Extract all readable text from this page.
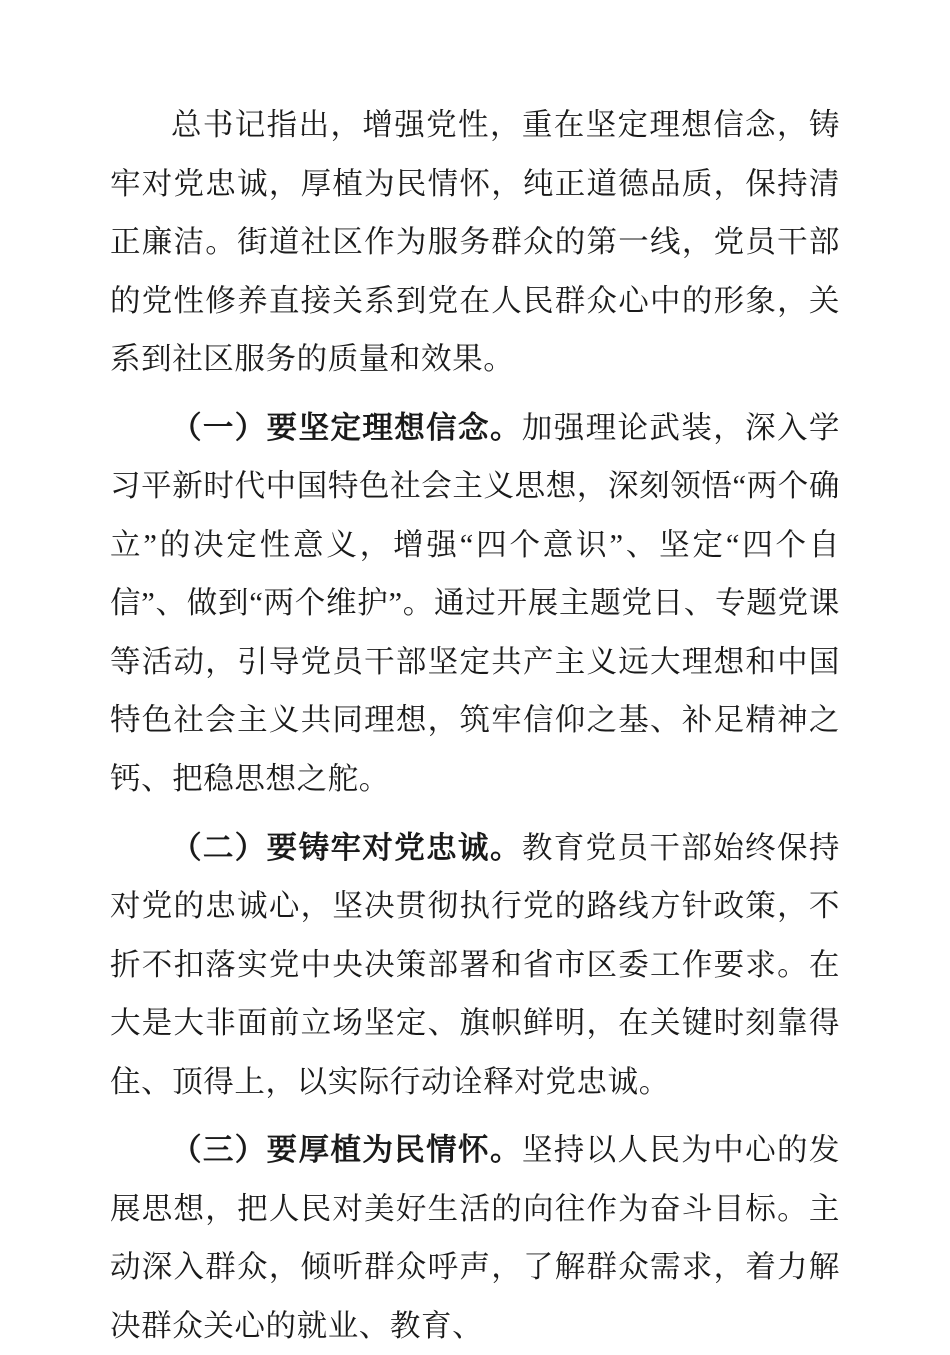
总书记指出，增强党性，重在坚定理想信念，铸牢对党忠诚，厚植为民情怀，纯正道德品质，保持清正廉洁。街道社区作为服务群众的第一线，党员干部的党性修养直接关系到党在人民群众心中的形象，关系到社区服务的质量和效果。

（一）要坚定理想信念。加强理论武装，深入学习平新时代中国特色社会主义思想，深刻领悟“两个确立”的决定性意义，增强“四个意识”、坚定“四个自信”、做到“两个维护”。通过开展主题党日、专题党课等活动，引导党员干部坚定共产主义远大理想和中国特色社会主义共同理想，筑牢信仰之基、补足精神之钙、把稳思想之舵。

（二）要铸牢对党忠诚。教育党员干部始终保持对党的忠诚心，坚决贯彻执行党的路线方针政策，不折不扣落实党中央决策部署和省市区委工作要求。在大是大非面前立场坚定、旗帜鲜明，在关键时刻靠得住、顶得上，以实际行动诠释对党忠诚。

（三）要厚植为民情怀。坚持以人民为中心的发展思想，把人民对美好生活的向往作为奋斗目标。主动深入群众，倾听群众呼声，了解群众需求，着力解决群众关心的就业、教育、
